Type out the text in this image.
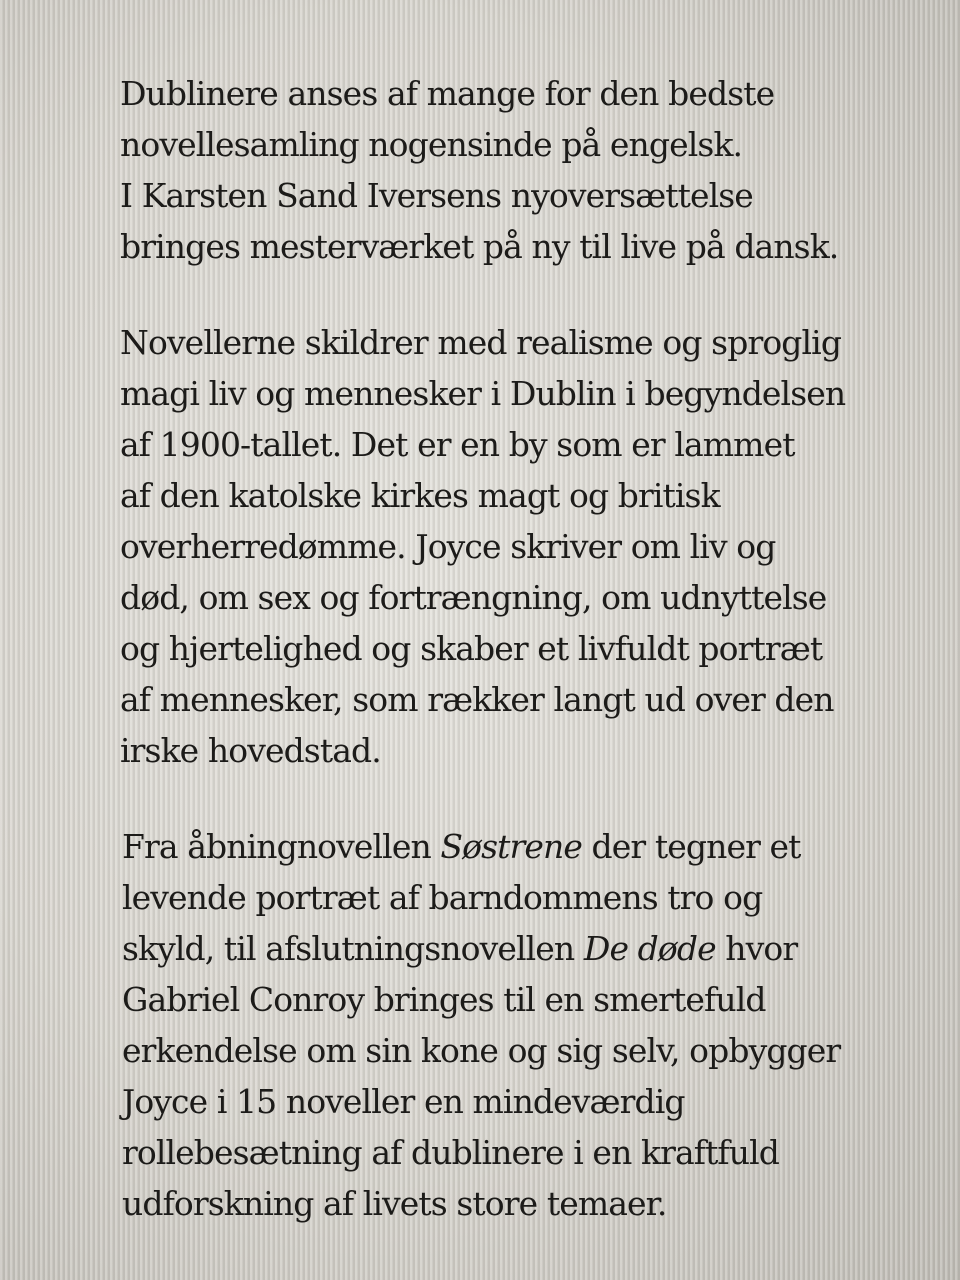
Dublinere anses af mange for den bedste
novellesamling nogensinde på engelsk.
I Karsten Sand Iversens nyoversættelse
bringes mesterværket på ny til live på dansk.
Novellerne skildrer med realisme og sproglig
magi liv og mennesker i Dublin i begyndelsen
af 1900-tallet. Det er en by som er lammet
af den katolske kirkes magt og britisk
overherredømme. Joyce skriver om liv og
død, om sex og fortrængning, om udnyttelse
og hjertelighed og skaber et livfuldt portræt
af mennesker, som rækker langt ud over den
irske hovedstad.
Fra åbningnovellen Søstrene der tegner et
levende portræt af barndommens tro og
skyld, til afslutningsnovellen De døde hvor
Gabriel Conroy bringes til en smertefuld
erkendelse om sin kone og sig selv, opbygger
Joyce i 15 noveller en mindeværdig
rollebesætning af dublinere i en kraftfuld
udforskning af livets store temaer.
